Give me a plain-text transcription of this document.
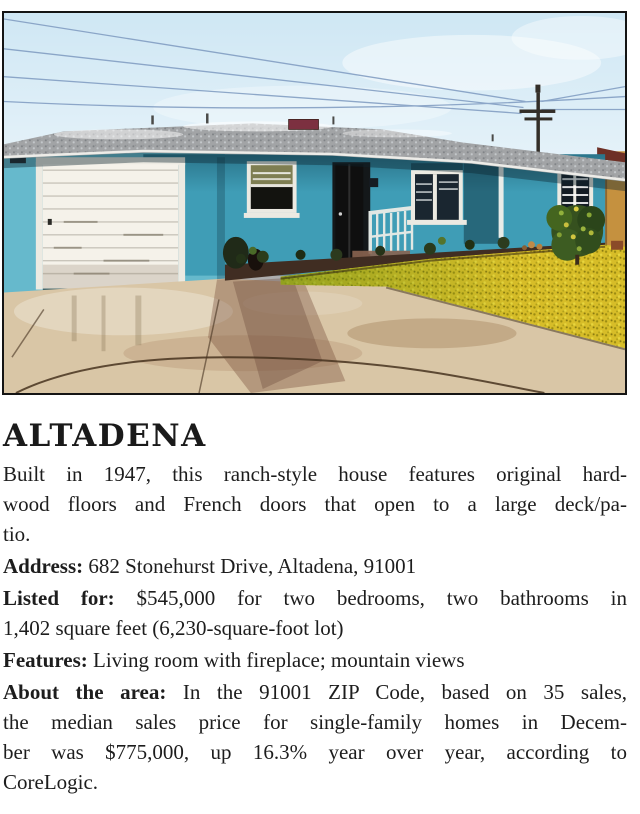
ALTADENA

Built in 1947, this ranch-style house features original hard-
wood floors and French doors that open to a large deck/pa-
tio.

Address: 682 Stonehurst Drive, Altadena, 91001

Listed for: $545,000 for two bedrooms, two bathrooms in
1,402 square feet (6,230-square-foot lot)

Features: Living room with fireplace; mountain views

About the area: In the 91001 ZIP Code, based on 35 sales,
the median sales price for single-family homes in Decem-
ber was $775,000, up 16.3% year over year, according to
CoreLogic.
